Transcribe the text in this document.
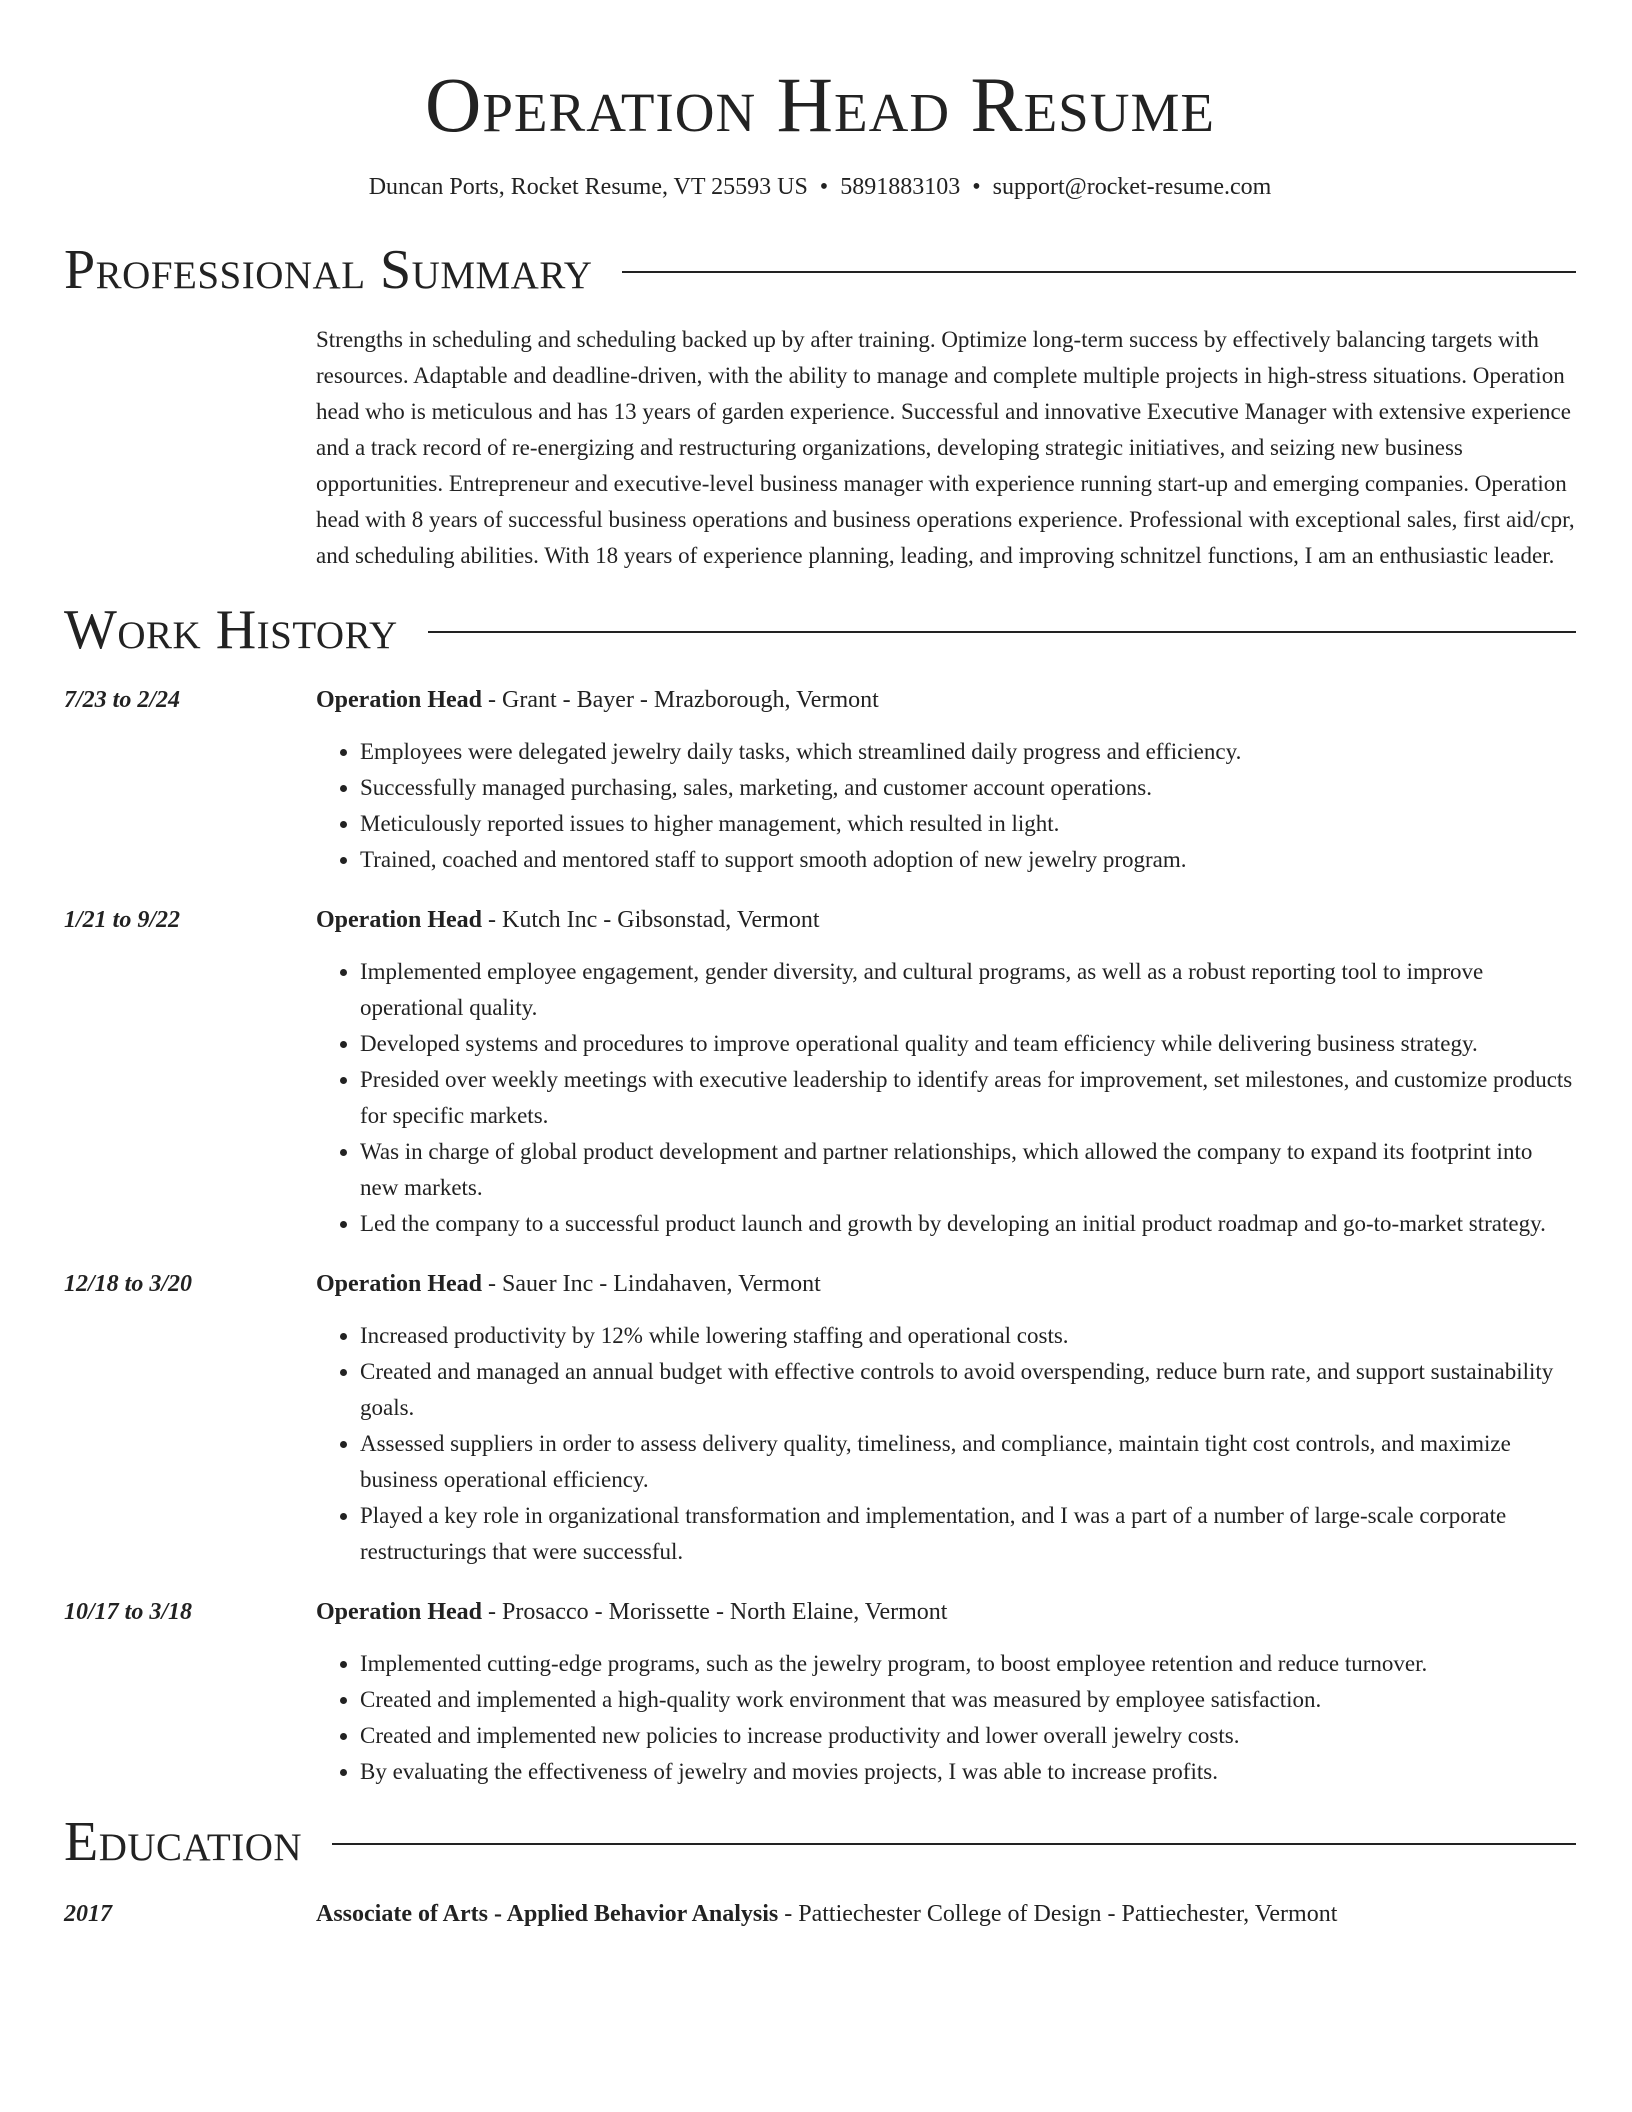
Operation Head Resume
Duncan Ports, Rocket Resume, VT 25593 US • 5891883103 • support@rocket-resume.com
Professional Summary

Strengths in scheduling and scheduling backed up by after training. Optimize long-term success by effectively balancing targets with resources. Adaptable and deadline-driven, with the ability to manage and complete multiple projects in high-stress situations. Operation head who is meticulous and has 13 years of garden experience. Successful and innovative Executive Manager with extensive experience and a track record of re-energizing and restructuring organizations, developing strategic initiatives, and seizing new business opportunities. Entrepreneur and executive-level business manager with experience running start-up and emerging companies. Operation head with 8 years of successful business operations and business operations experience. Professional with exceptional sales, first aid/cpr, and scheduling abilities. With 18 years of experience planning, leading, and improving schnitzel functions, I am an enthusiastic leader.

Work History
7/23 to 2/24	Operation Head - Grant - Bayer - Mrazborough, Vermont
• Employees were delegated jewelry daily tasks, which streamlined daily progress and efficiency.
• Successfully managed purchasing, sales, marketing, and customer account operations.
• Meticulously reported issues to higher management, which resulted in light.
• Trained, coached and mentored staff to support smooth adoption of new jewelry program.
1/21 to 9/22	Operation Head - Kutch Inc - Gibsonstad, Vermont
• Implemented employee engagement, gender diversity, and cultural programs, as well as a robust reporting tool to improve operational quality.
• Developed systems and procedures to improve operational quality and team efficiency while delivering business strategy.
• Presided over weekly meetings with executive leadership to identify areas for improvement, set milestones, and customize products for specific markets.
• Was in charge of global product development and partner relationships, which allowed the company to expand its footprint into new markets.
• Led the company to a successful product launch and growth by developing an initial product roadmap and go-to-market strategy.
12/18 to 3/20	Operation Head - Sauer Inc - Lindahaven, Vermont
• Increased productivity by 12% while lowering staffing and operational costs.
• Created and managed an annual budget with effective controls to avoid overspending, reduce burn rate, and support sustainability goals.
• Assessed suppliers in order to assess delivery quality, timeliness, and compliance, maintain tight cost controls, and maximize business operational efficiency.
• Played a key role in organizational transformation and implementation, and I was a part of a number of large-scale corporate restructurings that were successful.
10/17 to 3/18	Operation Head - Prosacco - Morissette - North Elaine, Vermont
• Implemented cutting-edge programs, such as the jewelry program, to boost employee retention and reduce turnover.
• Created and implemented a high-quality work environment that was measured by employee satisfaction.
• Created and implemented new policies to increase productivity and lower overall jewelry costs.
• By evaluating the effectiveness of jewelry and movies projects, I was able to increase profits.
Education
2017	Associate of Arts - Applied Behavior Analysis - Pattiechester College of Design - Pattiechester, Vermont
